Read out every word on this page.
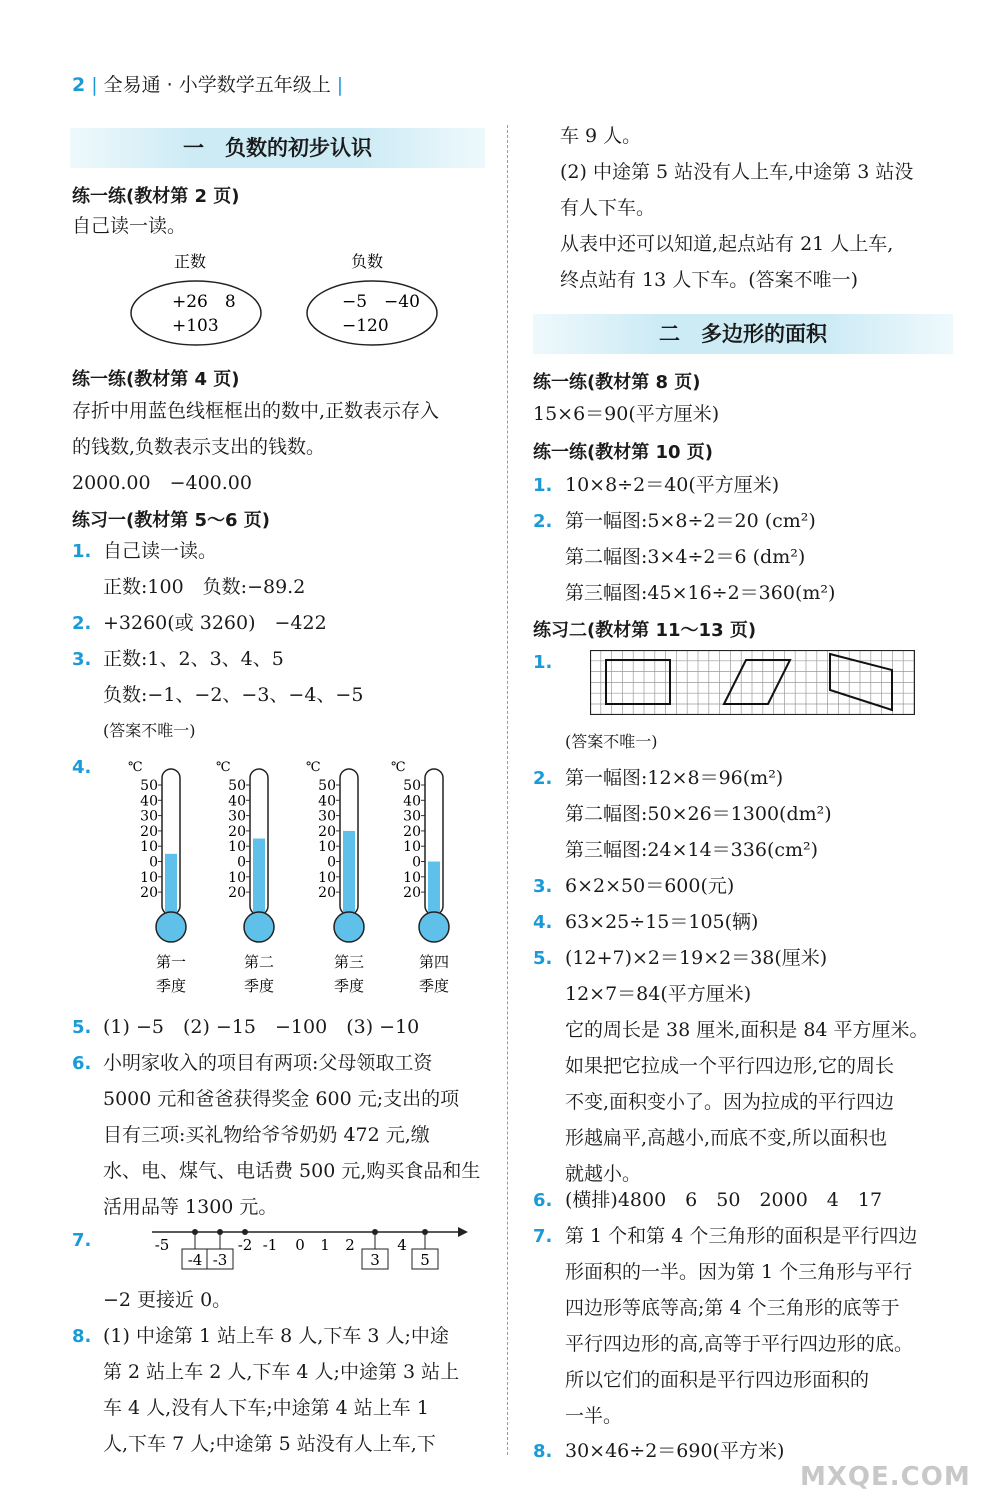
2 | 全易通 · 小学数学五年级上 |
一　负数的初步认识
练一练(教材第 2 页)
自己读一读。
正数	负数
+26　8
+103
−5　−40
−120
练一练(教材第 4 页)
存折中用蓝色线框框出的数中,正数表示存入
的钱数,负数表示支出的钱数。
2000.00　−400.00
练习一(教材第 5～6 页)
1. 自己读一读。
正数:100　负数:−89.2
2. +3260(或 3260)　−422
3. 正数:1、2、3、4、5
负数:−1、−2、−3、−4、−5
(答案不唯一)
4.	℃
50
40
30
20
10
0
10
20
第一
季度
℃
50
40
30
20
10
0
10
20
第二
季度
℃
50
40
30
20
10
0
10
20
第三
季度
℃
50
40
30
20
10
0
10
20
第四
季度
5. (1) −5　(2) −15　−100　(3) −10
6. 小明家收入的项目有两项:父母领取工资
5000 元和爸爸获得奖金 600 元;支出的项
目有三项:买礼物给爷爷奶奶 472 元,缴
水、电、煤气、电话费 500 元,购买食品和生
活用品等 1300 元。
7.	-5	-2 -1 0 1 2	4
-4 -3	3	5
−2 更接近 0。
8. (1) 中途第 1 站上车 8 人,下车 3 人;中途
第 2 站上车 2 人,下车 4 人;中途第 3 站上
车 4 人,没有人下车;中途第 4 站上车 1
人,下车 7 人;中途第 5 站没有人上车,下
车 9 人。
(2) 中途第 5 站没有人上车,中途第 3 站没
有人下车。
从表中还可以知道,起点站有 21 人上车,
终点站有 13 人下车。(答案不唯一)
二　多边形的面积
练一练(教材第 8 页)
15×6＝90(平方厘米)
练一练(教材第 10 页)
1. 10×8÷2＝40(平方厘米)
2. 第一幅图:5×8÷2＝20 (cm²)
第二幅图:3×4÷2＝6 (dm²)
第三幅图:45×16÷2＝360(m²)
练习二(教材第 11～13 页)
1.
(答案不唯一)
2. 第一幅图:12×8＝96(m²)
第二幅图:50×26＝1300(dm²)
第三幅图:24×14＝336(cm²)
3. 6×2×50＝600(元)
4. 63×25÷15＝105(辆)
5. (12+7)×2＝19×2＝38(厘米)
12×7＝84(平方厘米)
它的周长是 38 厘米,面积是 84 平方厘米。
如果把它拉成一个平行四边形,它的周长
不变,面积变小了。因为拉成的平行四边
形越扁平,高越小,而底不变,所以面积也
就越小。
6. (横排)4800　6　50　2000　4　17
7. 第 1 个和第 4 个三角形的面积是平行四边
形面积的一半。因为第 1 个三角形与平行
四边形等底等高;第 4 个三角形的底等于
平行四边形的高,高等于平行四边形的底。
所以它们的面积是平行四边形面积的
一半。
8. 30×46÷2＝690(平方米)
MXQE.COM
